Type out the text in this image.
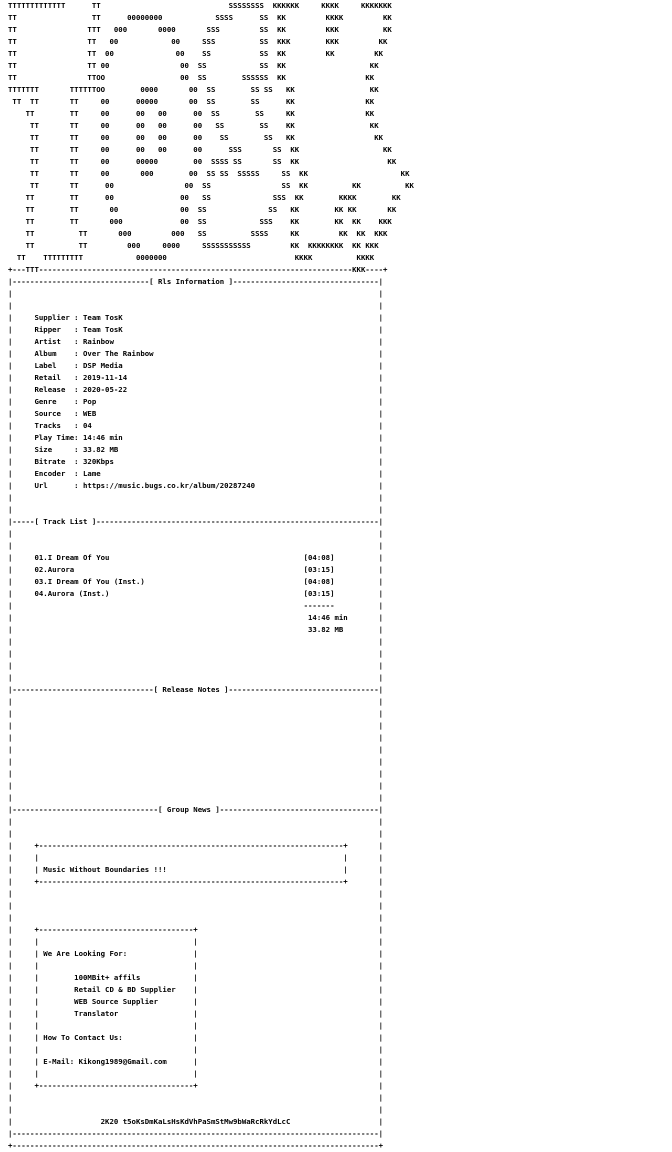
TTTTTTTTTTTTT      TT                             SSSSSSSS  KKKKKK     KKKK     KKKKKKK
TT                 TT      00000000            SSSS      SS  KK         KKKK         KK
TT                TTT   000       0000       SSS         SS  KK         KKK          KK
TT                TT   00            00     SSS          SS  KKK        KKK         KK
TT                TT  00              00    SS           SS  KK         KK         KK
TT                TT 00                00  SS            SS  KK                   KK
TT                TTOO                 00  SS        SSSSSS  KK                  KK
TTTTTTT       TTTTTTOO        0000       00  SS        SS SS   KK                 KK
TT  TT       TT     00      00000       00  SS        SS      KK                KK
TT        TT     00      00   00      00  SS        SS     KK                KK
TT       TT     00      00   00      00   SS        SS    KK                 KK
TT       TT     00      00   00      00    SS        SS   KK                  KK
TT       TT     00      00   00      00      SSS       SS  KK                   KK
TT       TT     00      00000        00  SSSS SS       SS  KK                    KK
TT       TT     00       000        00  SS SS  SSSSS     SS  KK                     KK
TT       TT      00                00  SS                SS  KK          KK          KK
TT        TT      00               00   SS              SSS  KK        KKKK        KK
TT        TT       00              00  SS              SS   KK        KK KK       KK
TT        TT       000             00  SS            SSS    KK        KK  KK    KKK
TT          TT       000         000   SS          SSSS     KK         KK  KK  KKK
TT          TT         000     0000     SSSSSSSSSSS         KK  KKKKKKKK  KK KKK
TT    TTTTTTTTT            0000000                             KKKK          KKKK
+---TTT-----------------------------------------------------------------------KKK----+
|-------------------------------[ Rls Information ]---------------------------------|
|                                                                                   |
|                                                                                   |
|     Supplier : Team TosK                                                          |
|     Ripper   : Team TosK                                                          |
|     Artist   : Rainbow                                                            |
|     Album    : Over The Rainbow                                                   |
|     Label    : DSP Media                                                          |
|     Retail   : 2019-11-14                                                         |
|     Release  : 2020-05-22                                                         |
|     Genre    : Pop                                                                |
|     Source   : WEB                                                                |
|     Tracks   : 04                                                                 |
|     Play Time: 14:46 min                                                          |
|     Size     : 33.82 MB                                                           |
|     Bitrate  : 320Kbps                                                            |
|     Encoder  : Lame                                                               |
|     Url      : https://music.bugs.co.kr/album/20287240                            |
|                                                                                   |
|                                                                                   |
|-----[ Track List ]----------------------------------------------------------------|
|                                                                                   |
|                                                                                   |
|     01.I Dream Of You                                            [04:08]          |
|     02.Aurora                                                    [03:15]          |
|     03.I Dream Of You (Inst.)                                    [04:08]          |
|     04.Aurora (Inst.)                                            [03:15]          |
|                                                                  -------          |
|                                                                   14:46 min       |
|                                                                   33.82 MB        |
|                                                                                   |
|                                                                                   |
|                                                                                   |
|                                                                                   |
|--------------------------------[ Release Notes ]----------------------------------|
|                                                                                   |
|                                                                                   |
|                                                                                   |
|                                                                                   |
|                                                                                   |
|                                                                                   |
|                                                                                   |
|                                                                                   |
|                                                                                   |
|---------------------------------[ Group News ]------------------------------------|
|                                                                                   |
|                                                                                   |
|     +---------------------------------------------------------------------+       |
|     |                                                                     |       |
|     | Music Without Boundaries !!!                                        |       |
|     +---------------------------------------------------------------------+       |
|                                                                                   |
|                                                                                   |
|                                                                                   |
|     +-----------------------------------+                                         |
|     |                                   |                                         |
|     | We Are Looking For:               |                                         |
|     |                                   |                                         |
|     |        100MBit+ affils            |                                         |
|     |        Retail CD & BD Supplier    |                                         |
|     |        WEB Source Supplier        |                                         |
|     |        Translator                 |                                         |
|     |                                   |                                         |
|     | How To Contact Us:                |                                         |
|     |                                   |                                         |
|     | E-Mail: Kikong1989@Gmail.com      |                                         |
|     |                                   |                                         |
|     +-----------------------------------+                                         |
|                                                                                   |
|                                                                                   |
|                    2K20 t5oKsDmKaLsHsKdVhPaSmStMw9bWaRcRkYdLcC                    |
|-----------------------------------------------------------------------------------|
+-----------------------------------------------------------------------------------+
